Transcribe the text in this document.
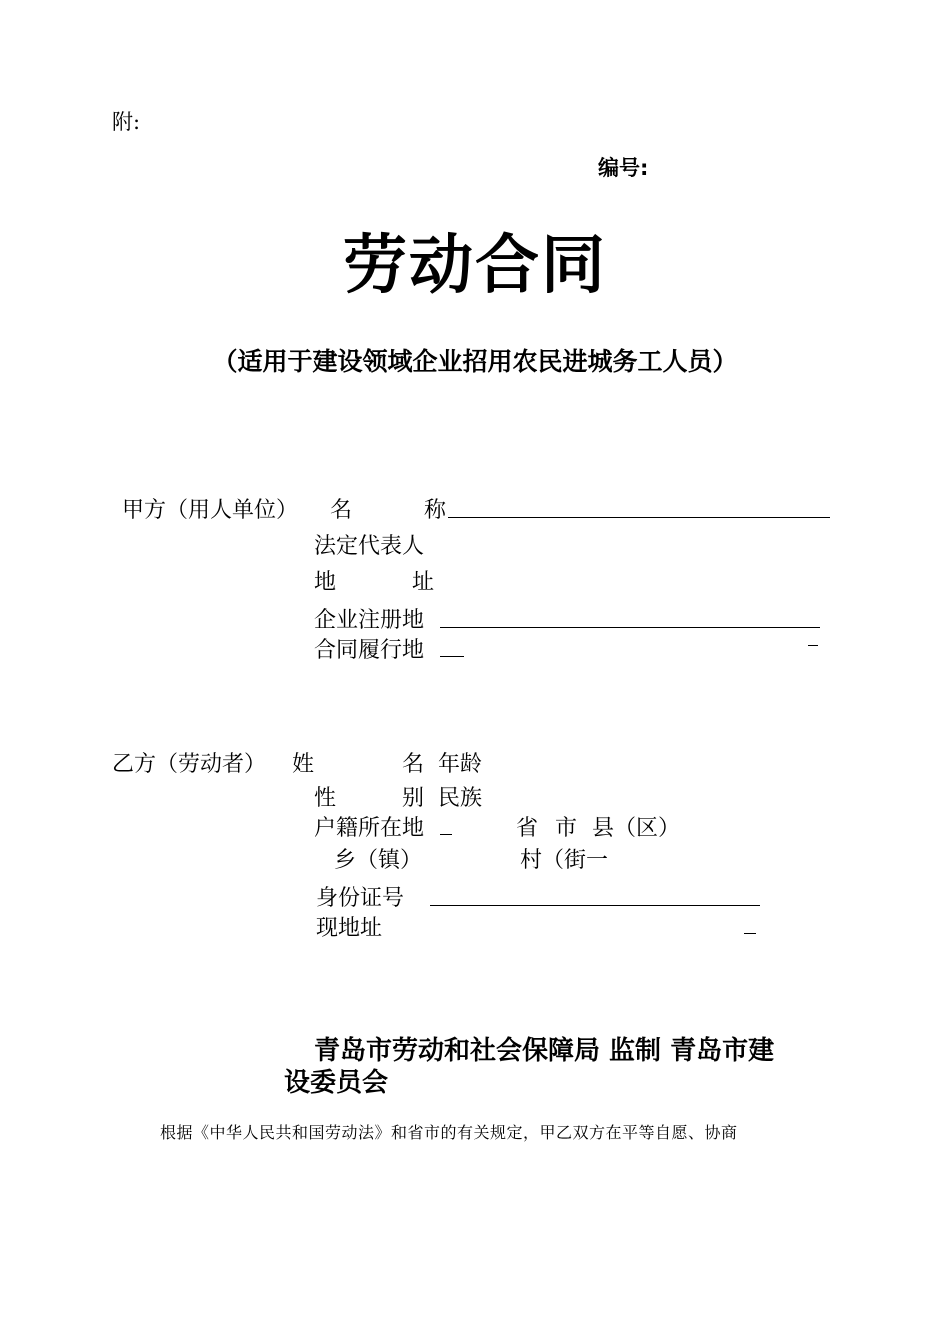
附:
编号:
劳动合同
（适用于建设领域企业招用农民进城务工人员）
甲方（用人单位） 名	称
法定代表人
地	址
企业注册地
合同履行地
乙方（劳动者） 姓	名 年龄
性	别 民族
户籍所在地	省 市 县（区）
乡（镇）	村（街一
身份证号
现地址
青岛市劳动和社会保障局 监制 青岛市建
设委员会
根据《中华人民共和国劳动法》和省市的有关规定，甲乙双方在平等自愿、协商
